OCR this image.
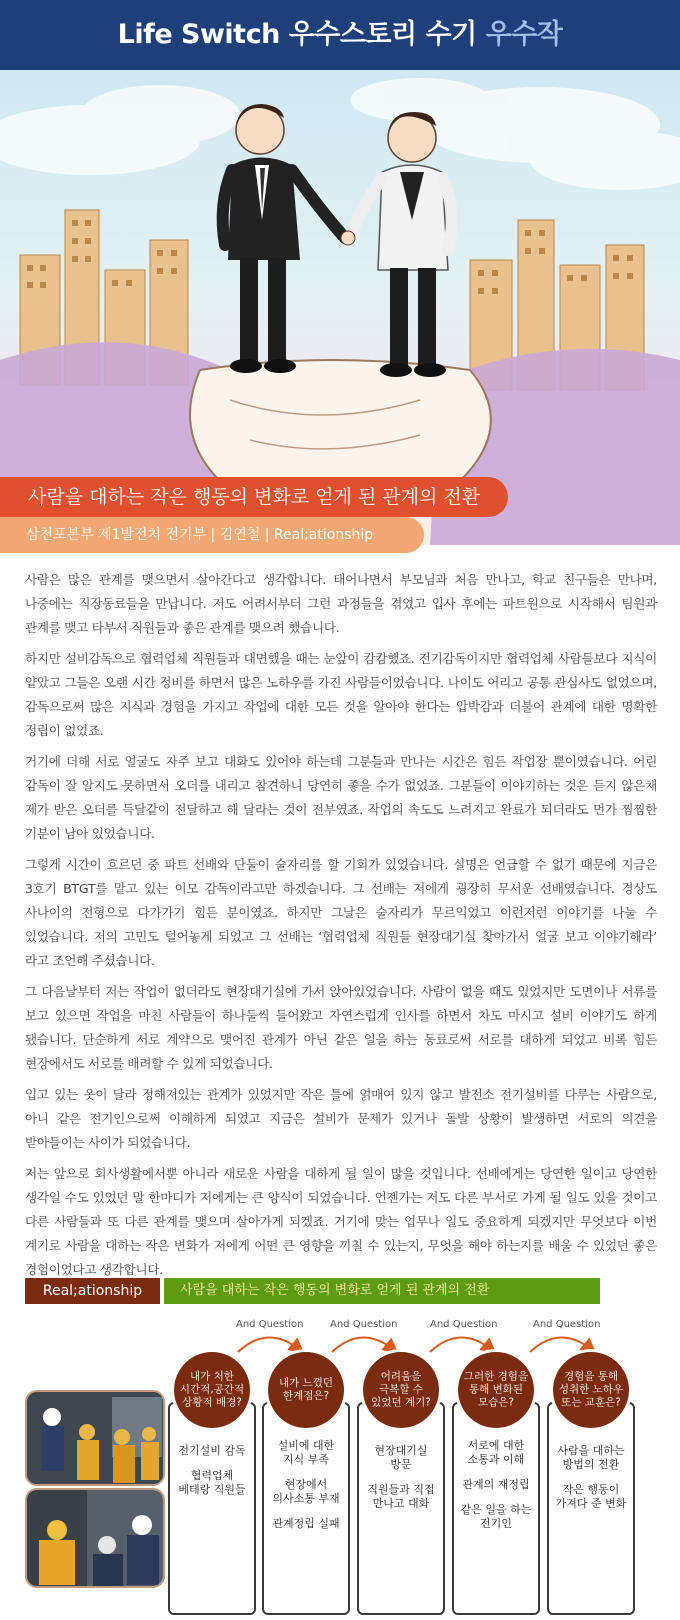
Life Switch 우수스토리 수기 우수작
사람을 대하는 작은 행동의 변화로 얻게 된 관계의 전환
삼천포본부 제1발전처 전기부 | 김연철 | Real;ationship

사람은 많은 관계를 맺으면서 살아간다고 생각합니다. 태어나면서 부모님과 처음 만나고, 학교 친구들은 만나며, 나중에는 직장동료들을 만납니다. 저도 어려서부터 그런 과정들을 겪었고 입사 후에는 파트원으로 시작해서 팀원과 관계를 맺고 타부서 직원들과 좋은 관계를 맺으려 했습니다.

하지만 설비감독으로 협력업체 직원들과 대면했을 때는 눈앞이 캄캄했죠. 전기감독이지만 협력업체 사람들보다 지식이 얕았고 그들은 오랜 시간 정비를 하면서 많은 노하우를 가진 사람들이었습니다. 나이도 어리고 공통 관심사도 없었으며, 감독으로써 많은 지식과 경험을 가지고 작업에 대한 모든 것을 알아야 한다는 압박감과 더불어 관계에 대한 명확한 정립이 없었죠.

거기에 더해 서로 얼굴도 자주 보고 대화도 있어야 하는데 그분들과 만나는 시간은 힘든 작업장 뿐이였습니다. 어린 감독이 잘 알지도 못하면서 오더를 내리고 참견하니 당연히 좋을 수가 없었죠. 그분들이 이야기하는 것은 듣지 않은채 제가 받은 오더를 득달같이 전달하고 해 달라는 것이 전부였죠. 작업의 속도도 느려지고 완료가 되더라도 먼가 찜찜한 기분이 남아 있었습니다.

그렇게 시간이 흐르던 중 파트 선배와 단둘이 술자리를 할 기회가 있었습니다. 실명은 언급할 수 없기 때문에 지금은 3호기 BTGT를 맡고 있는 이모 감독이라고만 하겠습니다. 그 선배는 저에게 굉장히 무서운 선배였습니다. 경상도 사나이의 전형으로 다가가기 힘든 분이였죠. 하지만 그날은 술자리가 무르익었고 이런저런 이야기를 나눌 수 있었습니다. 저의 고민도 털어놓게 되었고 그 선배는 ‘협력업체 직원들 현장대기실 찾아가서 얼굴 보고 이야기해라’ 라고 조언해 주셨습니다.

그 다음날부터 저는 작업이 없더라도 현장대기실에 가서 앉아있었습니다. 사람이 없을 때도 있었지만 도면이나 서류를 보고 있으면 작업을 마친 사람들이 하나둘씩 들어왔고 자연스럽게 인사를 하면서 차도 마시고 설비 이야기도 하게 됐습니다. 단순하게 서로 계약으로 맺어진 관계가 아닌 같은 일을 하는 동료로써 서로를 대하게 되었고 비록 힘든 현장에서도 서로를 배려할 수 있게 되었습니다.

입고 있는 옷이 달라 정해져있는 관계가 있었지만 작은 틀에 얽매여 있지 않고 발전소 전기설비를 다루는 사람으로, 아니 같은 전기인으로써 이해하게 되었고 지금은 설비가 문제가 있거나 돌발 상황이 발생하면 서로의 의견을 받아들이는 사이가 되었습니다.

저는 앞으로 회사생활에서뿐 아니라 새로운 사람을 대하게 될 일이 많을 것입니다. 선배에게는 당연한 일이고 당연한 생각일 수도 있었던 말 한마디가 저에게는 큰 양식이 되었습니다. 언젠가는 저도 다른 부서로 가게 될 일도 있을 것이고 다른 사람들과 또 다른 관계를 맺으며 살아가게 되겠죠. 거기에 맞는 업무나 일도 중요하게 되겠지만 무엇보다 이번 계기로 사람을 대하는 작은 변화가 저에게 어떤 큰 영향을 끼칠 수 있는지, 무엇을 해야 하는지를 배울 수 있었던 좋은 경험이었다고 생각합니다.

Real;ationship	사람을 대하는 작은 행동의 변화로 얻게 된 관계의 전환
And Question	And Question	And Question	And Question
전기설비 감독
협력업체
베테랑 직원들
설비에 대한
지식 부족
현장에서
의사소통 부재
관계정립 실패
현장대기실
방문
직원들과 직접
만나고 대화
서로에 대한
소통과 이해
관계의 재정립
같은 일을 하는
전기인
사람을 대하는
방법의 전환
작은 행동이
가져다 준 변화
내가 처한
시간적,공간적
상황적 배경?
내가 느꼈던
한계점은?
어려움을
극복할 수
있었던 계기?
그러한 경험을
통해 변화된
모습은?
경험을 통해
성취한 노하우
또는 교훈은?
